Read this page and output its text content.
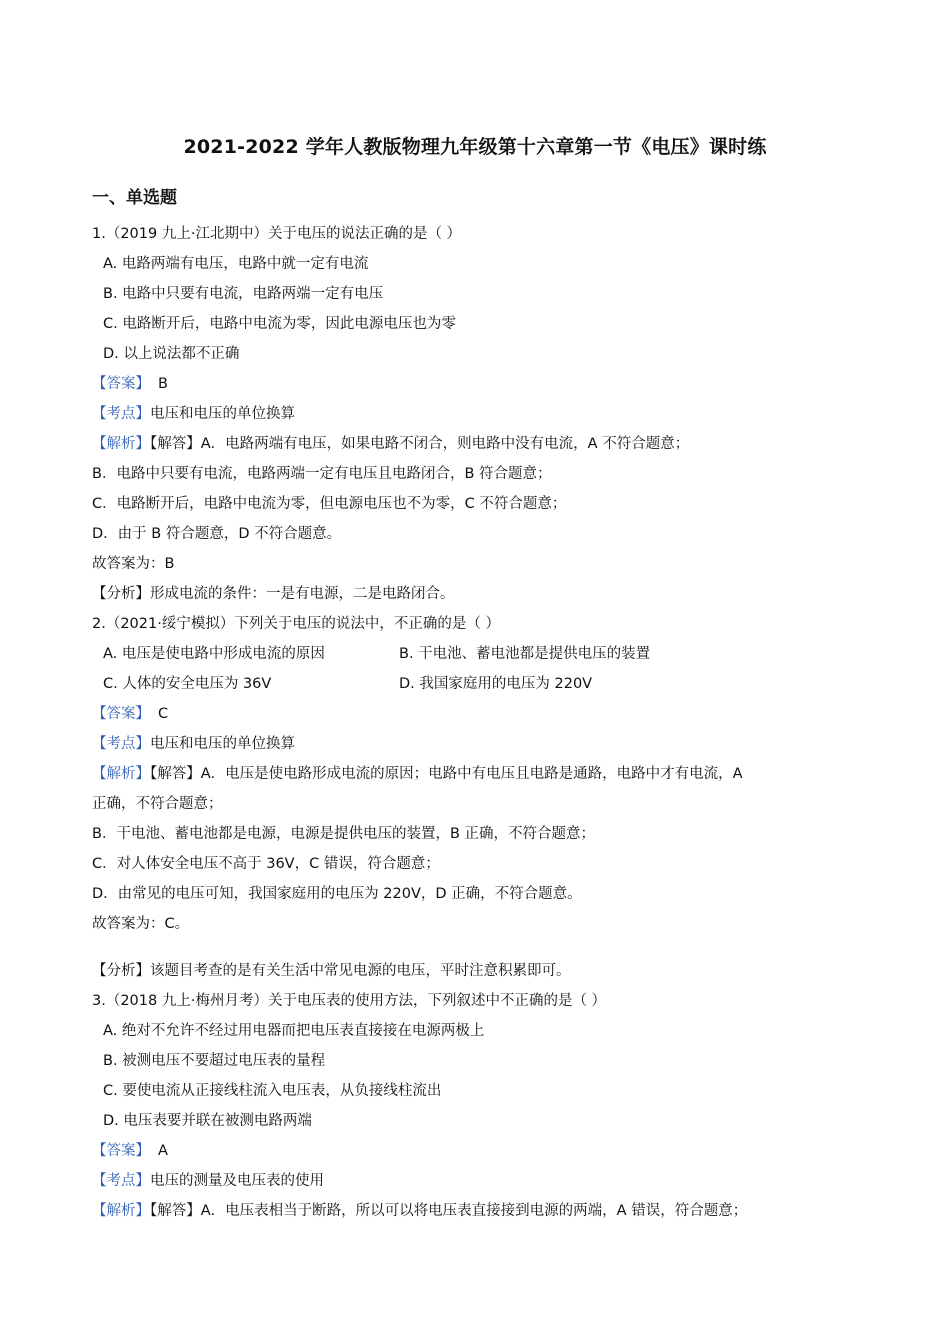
2021-2022 学年人教版物理九年级第十六章第一节《电压》课时练
一、单选题
1.（2019 九上·江北期中）关于电压的说法正确的是（ ）
A. 电路两端有电压，电路中就一定有电流
B. 电路中只要有电流，电路两端一定有电压
C. 电路断开后，电路中电流为零，因此电源电压也为零
D. 以上说法都不正确
【答案】 B
【考点】电压和电压的单位换算
【解析】【解答】A．电路两端有电压，如果电路不闭合，则电路中没有电流，A 不符合题意；
B．电路中只要有电流，电路两端一定有电压且电路闭合，B 符合题意；
C．电路断开后，电路中电流为零，但电源电压也不为零，C 不符合题意；
D．由于 B 符合题意，D 不符合题意。
故答案为：B
【分析】形成电流的条件：一是有电源，二是电路闭合。
2.（2021·绥宁模拟）下列关于电压的说法中，不正确的是（ ）
A. 电压是使电路中形成电流的原因	B. 干电池、蓄电池都是提供电压的装置
C. 人体的安全电压为 36V	D. 我国家庭用的电压为 220V
【答案】 C
【考点】电压和电压的单位换算
【解析】【解答】A．电压是使电路形成电流的原因；电路中有电压且电路是通路，电路中才有电流，A
正确，不符合题意；
B．干电池、蓄电池都是电源，电源是提供电压的装置，B 正确，不符合题意；
C．对人体安全电压不高于 36V，C 错误，符合题意；
D．由常见的电压可知，我国家庭用的电压为 220V，D 正确，不符合题意。
故答案为：C。
【分析】该题目考查的是有关生活中常见电源的电压，平时注意积累即可。
3.（2018 九上·梅州月考）关于电压表的使用方法，下列叙述中不正确的是（ ）
A. 绝对不允许不经过用电器而把电压表直接接在电源两极上
B. 被测电压不要超过电压表的量程
C. 要使电流从正接线柱流入电压表，从负接线柱流出
D. 电压表要并联在被测电路两端
【答案】 A
【考点】电压的测量及电压表的使用
【解析】【解答】A．电压表相当于断路，所以可以将电压表直接接到电源的两端，A 错误，符合题意；
